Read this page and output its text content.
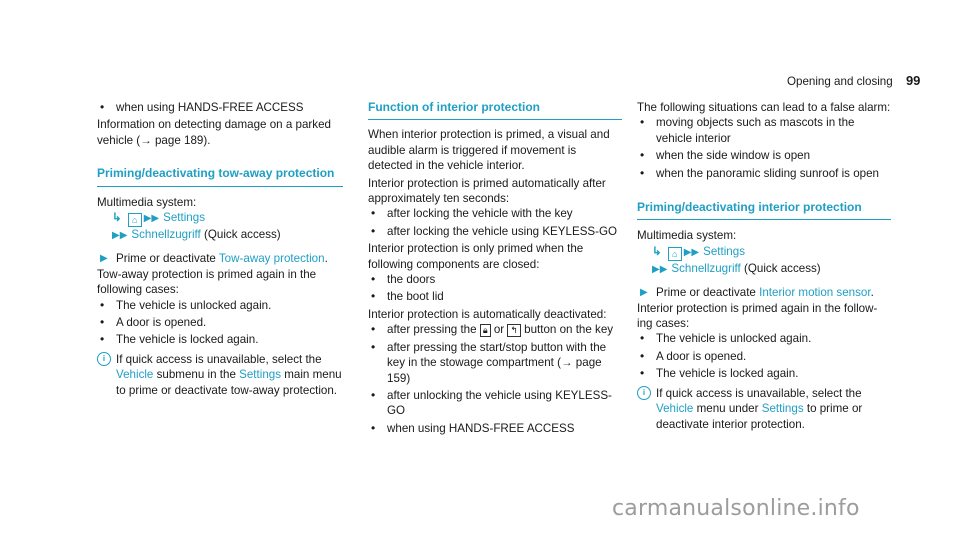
Opening and closing 99

• when using HANDS-FREE ACCESS

Information on detecting damage on a parked vehicle (→ page 189).

Priming/deactivating tow-away protection

Multimedia system:

↳ ⌂ ▶▶ Settings

▶▶ Schnellzugriff (Quick access)

▶ Prime or deactivate Tow-away protection.

Tow-away protection is primed again in the following cases:

• The vehicle is unlocked again.

• A door is opened.

• The vehicle is locked again.

i If quick access is unavailable, select the Vehicle submenu in the Settings main menu to prime or deactivate tow-away protection.

Function of interior protection

When interior protection is primed, a visual and audible alarm is triggered if movement is detected in the vehicle interior.

Interior protection is primed automatically after approximately ten seconds:

• after locking the vehicle with the key

• after locking the vehicle using KEYLESS-GO

Interior protection is only primed when the following components are closed:

• the doors

• the boot lid

Interior protection is automatically deactivated:

• after pressing the 🔒︎ or ↰ button on the key

• after pressing the start/stop button with the key in the stowage compartment (→ page 159)

• after unlocking the vehicle using KEYLESS-GO

• when using HANDS-FREE ACCESS

The following situations can lead to a false alarm:

• moving objects such as mascots in the vehicle interior

• when the side window is open

• when the panoramic sliding sunroof is open

Priming/deactivating interior protection

Multimedia system:

↳ ⌂ ▶▶ Settings

▶▶ Schnellzugriff (Quick access)

▶ Prime or deactivate Interior motion sensor.

Interior protection is primed again in the follow- ing cases:

• The vehicle is unlocked again.

• A door is opened.

• The vehicle is locked again.

i If quick access is unavailable, select the Vehicle menu under Settings to prime or deactivate interior protection.

carmanualsonline.info
